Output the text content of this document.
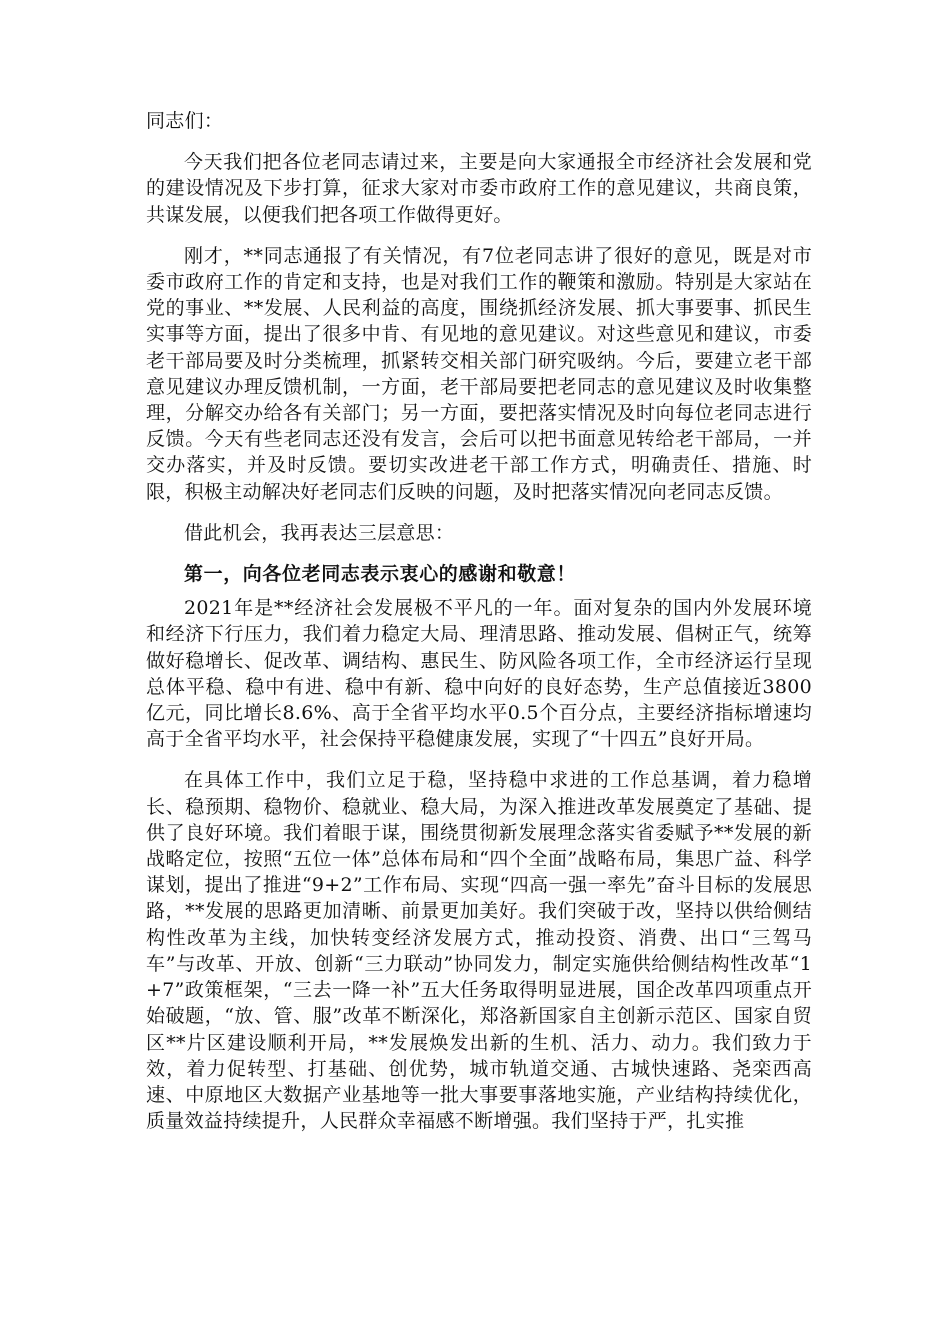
同志们：

今天我们把各位老同志请过来，主要是向大家通报全市经济社会发展和党的建设情况及下步打算，征求大家对市委市政府工作的意见建议，共商良策，共谋发展，以便我们把各项工作做得更好。

刚才，**同志通报了有关情况，有7位老同志讲了很好的意见，既是对市委市政府工作的肯定和支持，也是对我们工作的鞭策和激励。特别是大家站在党的事业、**发展、人民利益的高度，围绕抓经济发展、抓大事要事、抓民生实事等方面，提出了很多中肯、有见地的意见建议。对这些意见和建议，市委老干部局要及时分类梳理，抓紧转交相关部门研究吸纳。今后，要建立老干部意见建议办理反馈机制，一方面，老干部局要把老同志的意见建议及时收集整理，分解交办给各有关部门；另一方面，要把落实情况及时向每位老同志进行反馈。今天有些老同志还没有发言，会后可以把书面意见转给老干部局，一并交办落实，并及时反馈。要切实改进老干部工作方式，明确责任、措施、时限，积极主动解决好老同志们反映的问题，及时把落实情况向老同志反馈。

借此机会，我再表达三层意思：

第一，向各位老同志表示衷心的感谢和敬意！

2021年是**经济社会发展极不平凡的一年。面对复杂的国内外发展环境和经济下行压力，我们着力稳定大局、理清思路、推动发展、倡树正气，统筹做好稳增长、促改革、调结构、惠民生、防风险各项工作，全市经济运行呈现总体平稳、稳中有进、稳中有新、稳中向好的良好态势，生产总值接近3800亿元，同比增长8.6%、高于全省平均水平0.5个百分点，主要经济指标增速均高于全省平均水平，社会保持平稳健康发展，实现了“十四五”良好开局。

在具体工作中，我们立足于稳，坚持稳中求进的工作总基调，着力稳增长、稳预期、稳物价、稳就业、稳大局，为深入推进改革发展奠定了基础、提供了良好环境。我们着眼于谋，围绕贯彻新发展理念落实省委赋予**发展的新战略定位，按照“五位一体”总体布局和“四个全面”战略布局，集思广益、科学谋划，提出了推进“9+2”工作布局、实现“四高一强一率先”奋斗目标的发展思路，**发展的思路更加清晰、前景更加美好。我们突破于改，坚持以供给侧结构性改革为主线，加快转变经济发展方式，推动投资、消费、出口“三驾马车”与改革、开放、创新“三力联动”协同发力，制定实施供给侧结构性改革“1+7”政策框架，“三去一降一补”五大任务取得明显进展，国企改革四项重点开始破题，“放、管、服”改革不断深化，郑洛新国家自主创新示范区、国家自贸区**片区建设顺利开局，**发展焕发出新的生机、活力、动力。我们致力于效，着力促转型、打基础、创优势，城市轨道交通、古城快速路、尧栾西高速、中原地区大数据产业基地等一批大事要事落地实施，产业结构持续优化，质量效益持续提升，人民群众幸福感不断增强。我们坚持于严，扎实推
